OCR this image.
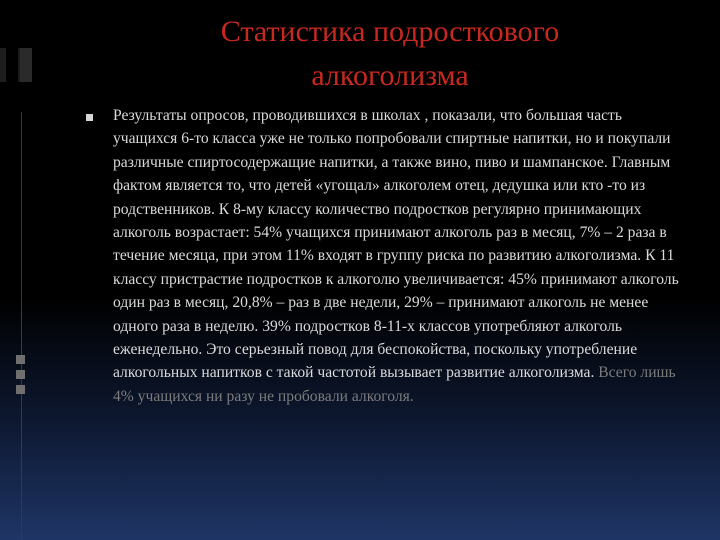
Статистика подросткового
алкоголизма

Результаты опросов, проводившихся в школах , показали, что большая часть учащихся 6-то класса уже не только попробовали спиртные напитки, но и покупали различные спиртосодержащие напитки, а также вино, пиво и шампанское. Главным фактом является то, что детей «угощал» алкоголем отец, дедушка или кто -то из родственников. К 8-му классу количество подростков регулярно принимающих алкоголь возрастает: 54% учащихся принимают алкоголь раз в месяц, 7% – 2 раза в течение месяца, при этом 11% входят в группу риска по развитию алкоголизма. К 11 классу пристрастие подростков к алкоголю увеличивается: 45% принимают алкоголь один раз в месяц, 20,8% – раз в две недели, 29% – принимают алкоголь не менее одного раза в неделю. 39% подростков 8-11-х классов употребляют алкоголь еженедельно. Это серьезный повод для беспокойства, поскольку употребление алкогольных напитков с такой частотой вызывает развитие алкоголизма. Всего лишь 4% учащихся ни разу не пробовали алкоголя.
